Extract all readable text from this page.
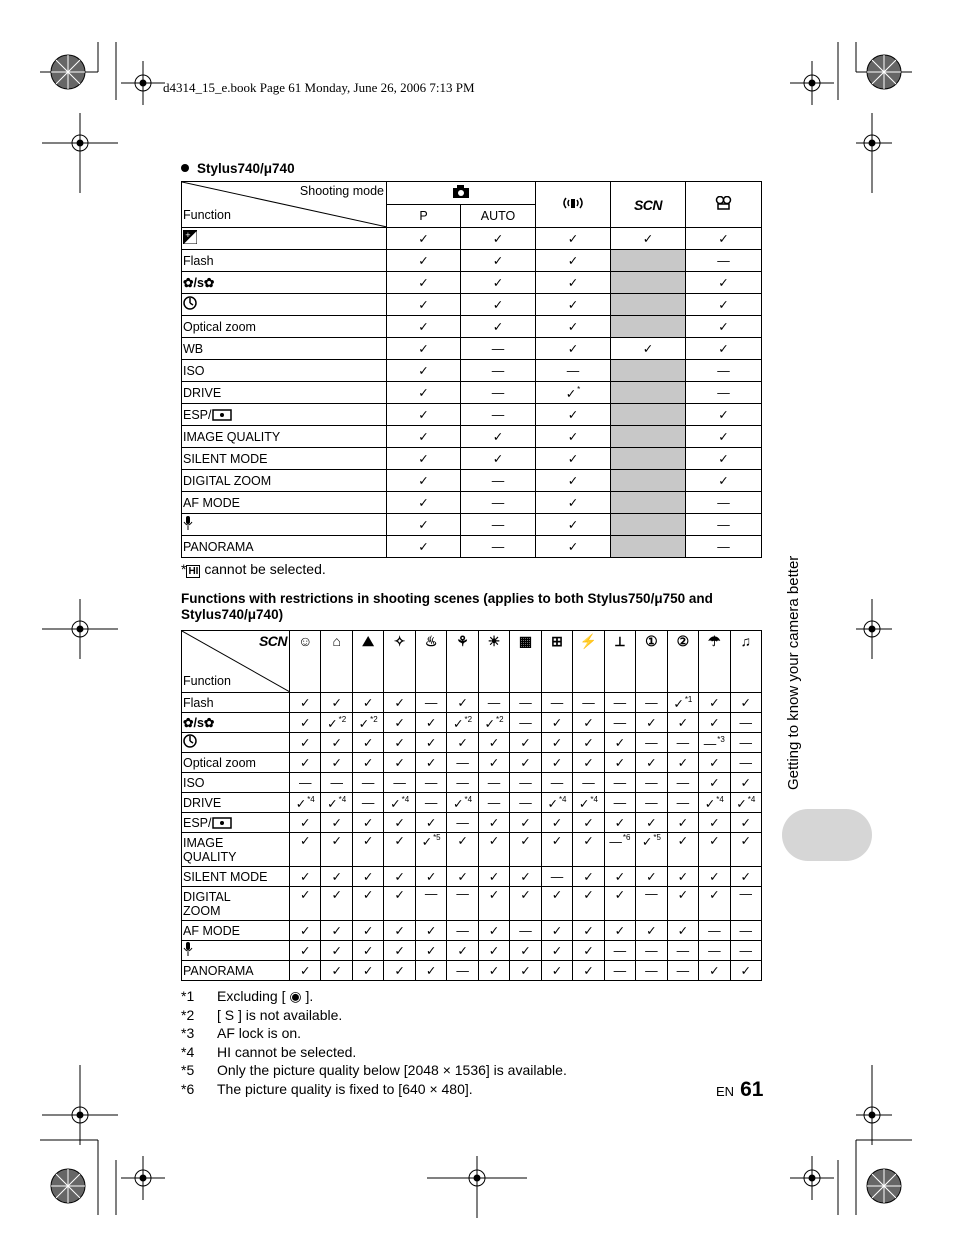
d4314_15_e.book Page 61 Monday, June 26, 2006 7:13 PM
Stylus740/μ740
Shooting mode
Function				SCN	
	P	AUTO			

+	✓	✓	✓	✓	✓
Flash	✓	✓	✓		—
✿/s✿	✓	✓	✓		✓
	✓	✓	✓		✓
Optical zoom	✓	✓	✓		✓
WB	✓	—	✓	✓	✓
ISO	✓	—	—		—
DRIVE	✓	—	✓*		—
ESP/	✓	—	✓		✓
IMAGE QUALITY	✓	✓	✓		✓
SILENT MODE	✓	✓	✓		✓
DIGITAL ZOOM	✓	—	✓		✓
AF MODE	✓	—	✓		—
	✓	—	✓		—
PANORAMA	✓	—	✓		—
* HI cannot be selected.
Functions with restrictions in shooting scenes (applies to both Stylus750/μ750 and Stylus740/μ740)
SCN
Function	☺	⌂	⛰	✧	♨	⚘	☀	▦	⊞	⚡	⟂	①	②	☂	♫
Flash	✓	✓	✓	✓	—	✓	—	—	—	—	—	—	✓$^{*1}$	✓	✓
✿/s✿	✓	✓$^{*2}$	✓$^{*2}$	✓	✓	✓$^{*2}$	✓$^{*2}$	—	✓	✓	—	✓	✓	✓	—
	✓	✓	✓	✓	✓	✓	✓	✓	✓	✓	✓	—	—	—$^{*3}$	—
Optical zoom	✓	✓	✓	✓	✓	—	✓	✓	✓	✓	✓	✓	✓	✓	—
ISO	—	—	—	—	—	—	—	—	—	—	—	—	—	✓	✓
DRIVE	✓$^{*4}$	✓$^{*4}$	—	✓$^{*4}$	—	✓$^{*4}$	—	—	✓$^{*4}$	✓$^{*4}$	—	—	—	✓$^{*4}$	✓$^{*4}$
ESP/	✓	✓	✓	✓	✓	—	✓	✓	✓	✓	✓	✓	✓	✓	✓
IMAGE
QUALITY	✓	✓	✓	✓	✓$^{*5}$	✓	✓	✓	✓	✓	—$^{*6}$	✓$^{*5}$	✓	✓	✓
SILENT MODE	✓	✓	✓	✓	✓	✓	✓	✓	—	✓	✓	✓	✓	✓	✓
DIGITAL
ZOOM	✓	✓	✓	✓	—	—	✓	✓	✓	✓	✓	—	✓	✓	—
AF MODE	✓	✓	✓	✓	✓	—	✓	—	✓	✓	✓	✓	✓	—	—
	✓	✓	✓	✓	✓	✓	✓	✓	✓	✓	—	—	—	—	—
PANORAMA	✓	✓	✓	✓	✓	—	✓	✓	✓	✓	—	—	—	✓	✓
*1 Excluding [ ◉ ].
*2 [ S ] is not available.
*3 AF lock is on.
*4 HI cannot be selected.
*5 Only the picture quality below [2048 × 1536] is available.
*6 The picture quality is fixed to [640 × 480].
Getting to know your camera better
EN 61
